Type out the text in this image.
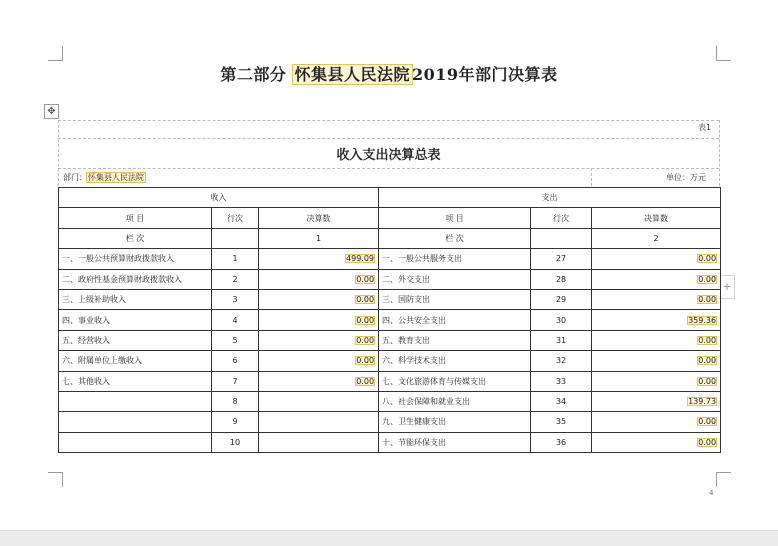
第二部分 怀集县人民法院 2019年部门决算表
✥
+
表1
收入支出决算总表
部门：怀集县人民法院	单位：万元
收入			支出		
项 目	行次	决算数	项 目	行次	决算数
栏 次		1	栏 次		2
一、一般公共预算财政拨款收入	1	499.09	一、一般公共服务支出	27	0.00
二、政府性基金预算财政拨款收入	2	0.00	二、外交支出	28	0.00
三、上级补助收入	3	0.00	三、国防支出	29	0.00
四、事业收入	4	0.00	四、公共安全支出	30	359.36
五、经营收入	5	0.00	五、教育支出	31	0.00
六、附属单位上缴收入	6	0.00	六、科学技术支出	32	0.00
七、其他收入	7	0.00	七、文化旅游体育与传媒支出	33	0.00
	8		八、社会保障和就业支出	34	139.73
	9		九、卫生健康支出	35	0.00
	10		十、节能环保支出	36	0.00
4
